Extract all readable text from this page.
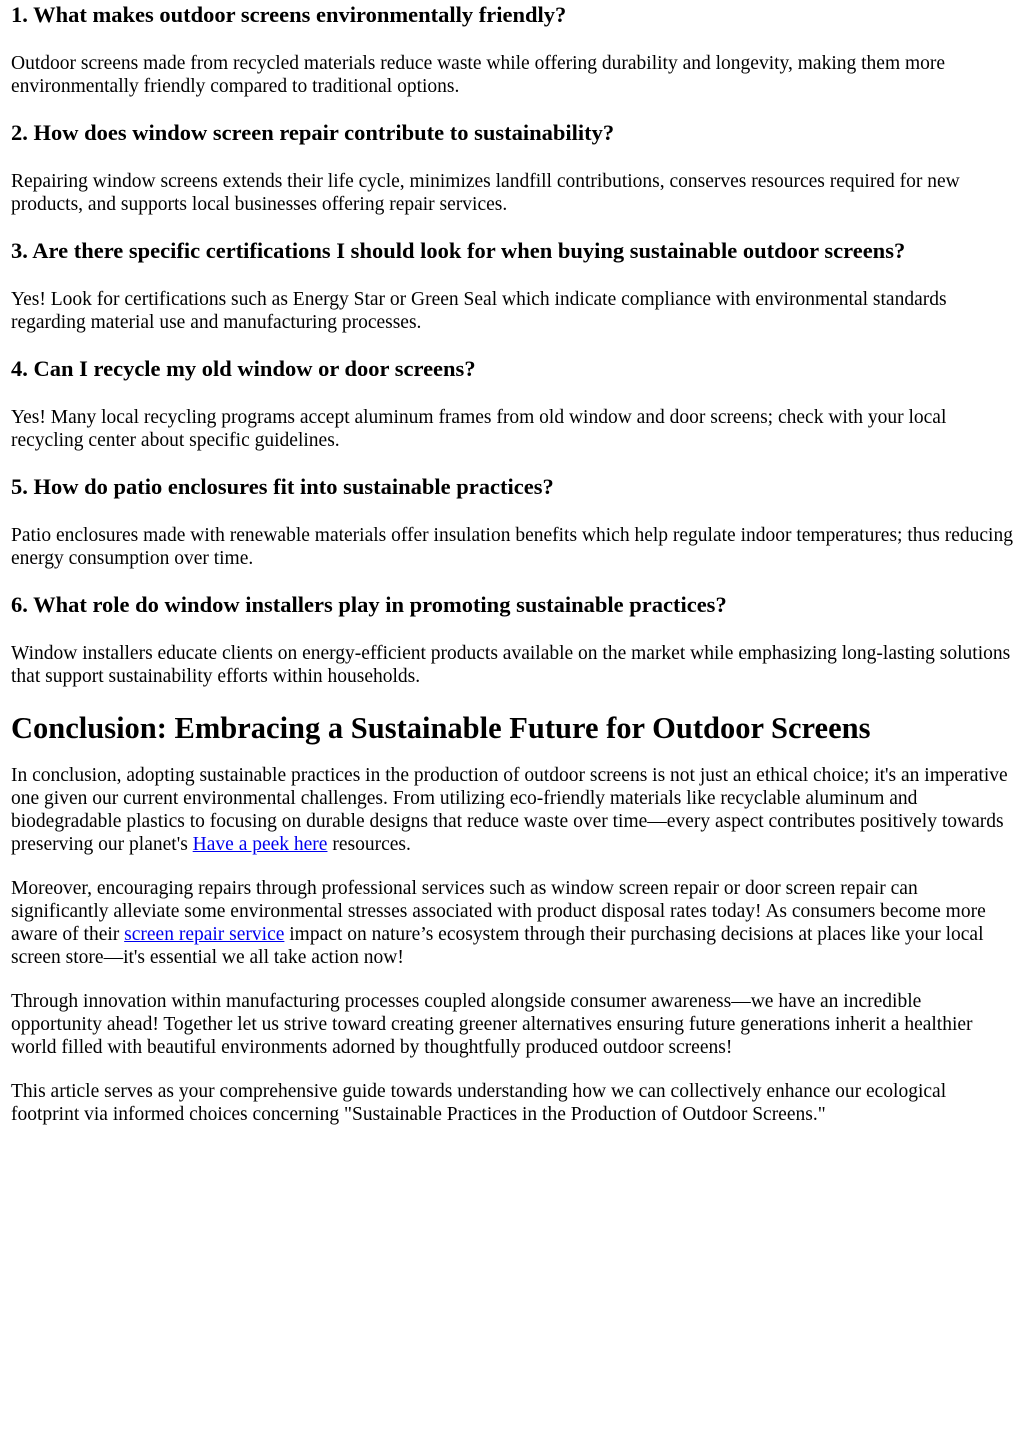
1. What makes outdoor screens environmentally friendly?

Outdoor screens made from recycled materials reduce waste while offering durability and longevity, making them more environmentally friendly compared to traditional options.

2. How does window screen repair contribute to sustainability?

Repairing window screens extends their life cycle, minimizes landfill contributions, conserves resources required for new products, and supports local businesses offering repair services.

3. Are there specific certifications I should look for when buying sustainable outdoor screens?

Yes! Look for certifications such as Energy Star or Green Seal which indicate compliance with environmental standards regarding material use and manufacturing processes.

4. Can I recycle my old window or door screens?

Yes! Many local recycling programs accept aluminum frames from old window and door screens; check with your local recycling center about specific guidelines.

5. How do patio enclosures fit into sustainable practices?

Patio enclosures made with renewable materials offer insulation benefits which help regulate indoor temperatures; thus reducing energy consumption over time.

6. What role do window installers play in promoting sustainable practices?

Window installers educate clients on energy-efficient products available on the market while emphasizing long-lasting solutions that support sustainability efforts within households.

Conclusion: Embracing a Sustainable Future for Outdoor Screens

In conclusion, adopting sustainable practices in the production of outdoor screens is not just an ethical choice; it's an imperative one given our current environmental challenges. From utilizing eco-friendly materials like recyclable aluminum and biodegradable plastics to focusing on durable designs that reduce waste over time—every aspect contributes positively towards preserving our planet's Have a peek here resources.

Moreover, encouraging repairs through professional services such as window screen repair or door screen repair can significantly alleviate some environmental stresses associated with product disposal rates today! As consumers become more aware of their screen repair service impact on nature’s ecosystem through their purchasing decisions at places like your local screen store—it's essential we all take action now!

Through innovation within manufacturing processes coupled alongside consumer awareness—we have an incredible opportunity ahead! Together let us strive toward creating greener alternatives ensuring future generations inherit a healthier world filled with beautiful environments adorned by thoughtfully produced outdoor screens!

This article serves as your comprehensive guide towards understanding how we can collectively enhance our ecological footprint via informed choices concerning "Sustainable Practices in the Production of Outdoor Screens."
